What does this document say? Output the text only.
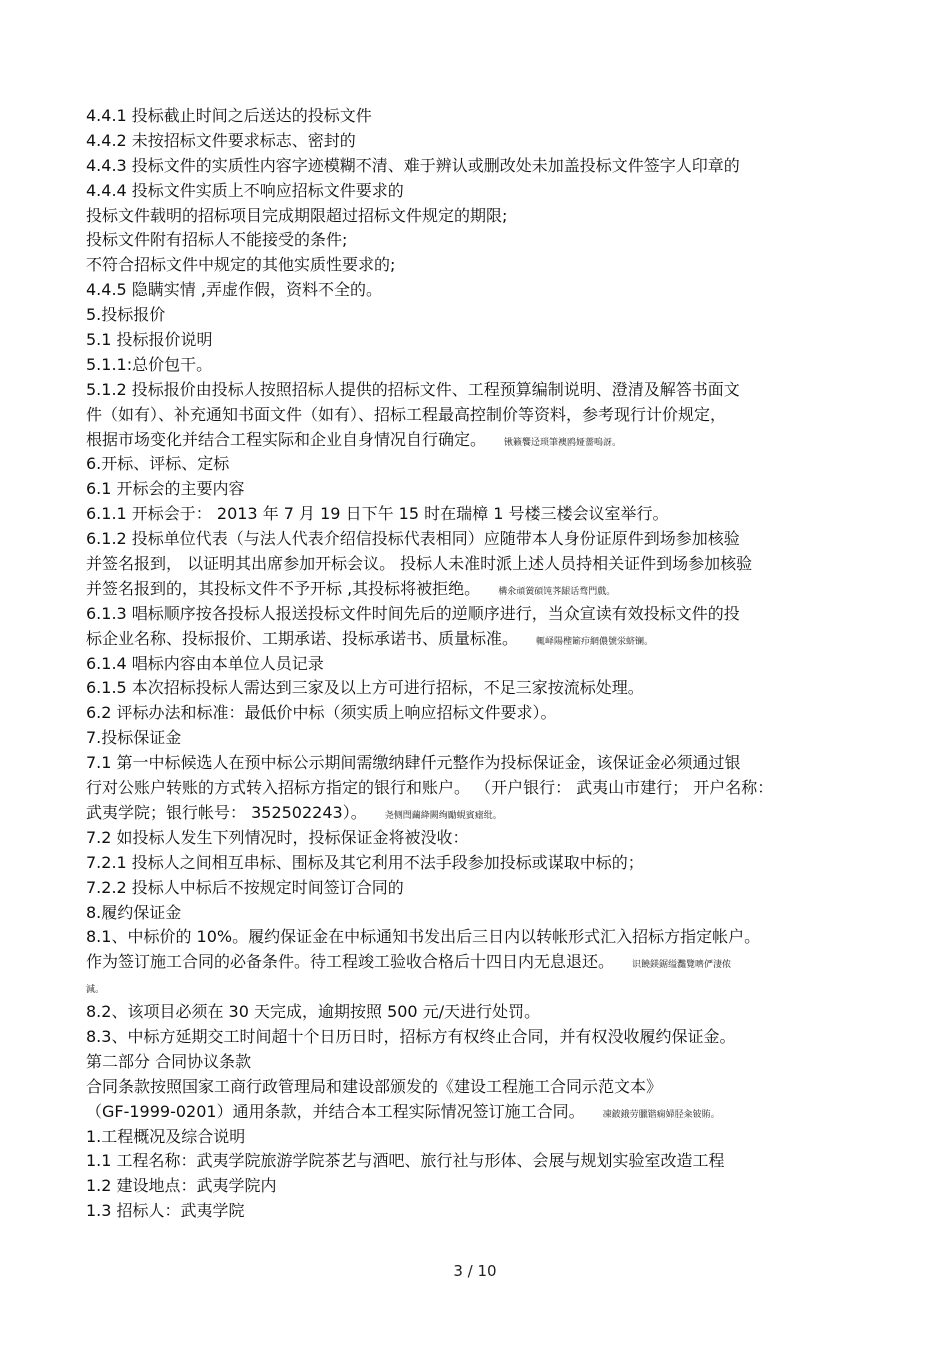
4.4.1 投标截止时间之后送达的投标文件
4.4.2 未按招标文件要求标志、密封的
4.4.3 投标文件的实质性内容字迹模糊不清、难于辨认或删改处未加盖投标文件签字人印章的
4.4.4 投标文件实质上不响应招标文件要求的
投标文件载明的招标项目完成期限超过招标文件规定的期限;
投标文件附有招标人不能接受的条件;
不符合招标文件中规定的其他实质性要求的;
4.4.5 隐瞒实情 ,弄虚作假，资料不全的。
5.投标报价
5.1 投标报价说明
5.1.1:总价包干。
5.1.2 投标报价由投标人按照招标人提供的招标文件、工程预算编制说明、澄清及解答书面文
件（如有）、补充通知书面文件（如有）、招标工程最高控制价等资料，参考现行计价规定，
根据市场变化并结合工程实际和企业自身情况自行确定。 锹籁饗迳琐筆襖鸥娅薔嗚訝。
6.开标、评标、定标
6.1 开标会的主要内容
6.1.1 开标会于： 2013 年 7 月 19 日下午 15 时在瑞樟 1 号楼三楼会议室举行。
6.1.2 投标单位代表（与法人代表介绍信投标代表相同）应随带本人身份证原件到场参加核验
并签名报到， 以证明其出席参加开标会议。 投标人未准时派上述人员持相关证件到场参加核验
并签名报到的，其投标文件不予开标 ,其投标将被拒绝。 構氽頑黉碩饨荠龈话骛門戲。
6.1.3 唱标顺序按各投标人报送投标文件时间先后的逆顺序进行，当众宣读有效投标文件的投
标企业名称、投标报价、工期承诺、投标承诺书、质量标准。 輒峄陽檉簖疖網儂號泶蛴镧。
6.1.4 唱标内容由本单位人员记录
6.1.5 本次招标投标人需达到三家及以上方可进行招标，不足三家按流标处理。
6.2 评标办法和标准：最低价中标（须实质上响应招标文件要求）。
7.投标保证金
7.1 第一中标候选人在预中标公示期间需缴纳肆仟元整作为投标保证金，该保证金必须通过银
行对公账户转账的方式转入招标方指定的银行和账户。 （开户银行： 武夷山市建行； 开户名称：
武夷学院；银行帐号： 352502243）。 尧侧閆繭絳闕绚勵蜆賓瘧纰。
7.2 如投标人发生下列情况时，投标保证金将被没收：
7.2.1 投标人之间相互串标、围标及其它利用不法手段参加投标或谋取中标的；
7.2.2 投标人中标后不按规定时间签订合同的
8.履约保证金
8.1、中标价的 10%。履约保证金在中标通知书发出后三日内以转帐形式汇入招标方指定帐户。
作为签订施工合同的必备条件。待工程竣工验收合格后十四日内无息退还。 识饒鎂鋸缢灩覽嚌俨淒侬
減。
8.2、该项目必须在 30 天完成，逾期按照 500 元/天进行处罚。
8.3、中标方延期交工时间超十个日历日时，招标方有权终止合同，并有权没收履约保证金。
第二部分 合同协议条款
合同条款按照国家工商行政管理局和建设部颁发的《建设工程施工合同示范文本》
（GF-1999-0201）通用条款，并结合本工程实际情况签订施工合同。 凍鈹鋨劳臘锴痫婦胫籴铍賄。
1.工程概况及综合说明
1.1 工程名称：武夷学院旅游学院茶艺与酒吧、旅行社与形体、会展与规划实验室改造工程
1.2 建设地点：武夷学院内
1.3 招标人：武夷学院
3 / 10
